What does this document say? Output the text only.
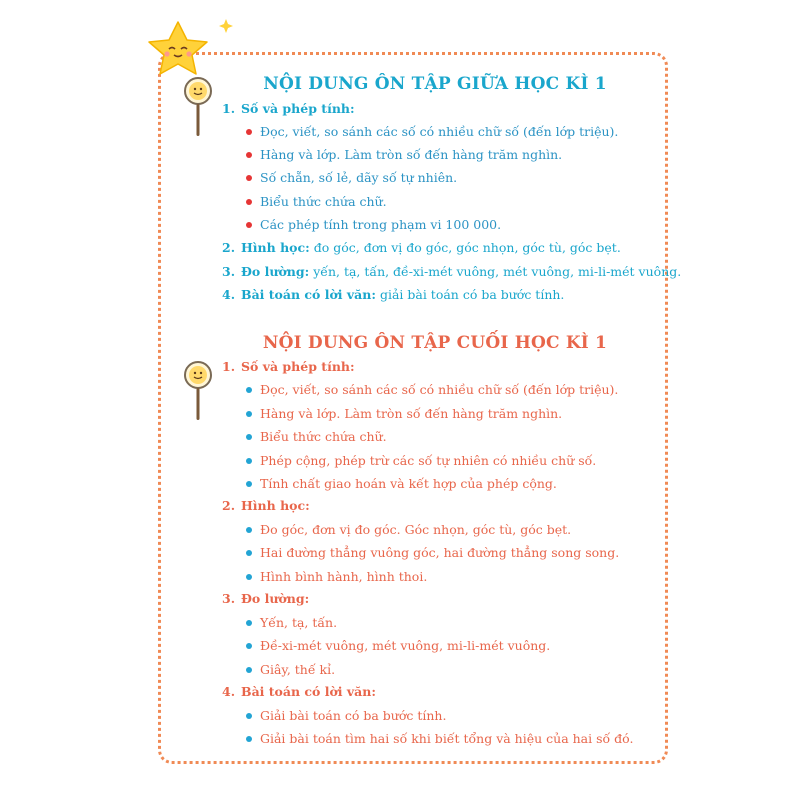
NỘI DUNG ÔN TẬP GIỮA HỌC KÌ 1
1. Số và phép tính:
Đọc, viết, so sánh các số có nhiều chữ số (đến lớp triệu).
Hàng và lớp. Làm tròn số đến hàng trăm nghìn.
Số chẵn, số lẻ, dãy số tự nhiên.
Biểu thức chứa chữ.
Các phép tính trong phạm vi 100 000.
2. Hình học: đo góc, đơn vị đo góc, góc nhọn, góc tù, góc bẹt.
3. Đo lường: yến, tạ, tấn, đề-xi-mét vuông, mét vuông, mi-li-mét vuông.
4. Bài toán có lời văn: giải bài toán có ba bước tính.
NỘI DUNG ÔN TẬP CUỐI HỌC KÌ 1
1. Số và phép tính:
Đọc, viết, so sánh các số có nhiều chữ số (đến lớp triệu).
Hàng và lớp. Làm tròn số đến hàng trăm nghìn.
Biểu thức chứa chữ.
Phép cộng, phép trừ các số tự nhiên có nhiều chữ số.
Tính chất giao hoán và kết hợp của phép cộng.
2. Hình học:
Đo góc, đơn vị đo góc. Góc nhọn, góc tù, góc bẹt.
Hai đường thẳng vuông góc, hai đường thẳng song song.
Hình bình hành, hình thoi.
3. Đo lường:
Yến, tạ, tấn.
Đề-xi-mét vuông, mét vuông, mi-li-mét vuông.
Giây, thế kỉ.
4. Bài toán có lời văn:
Giải bài toán có ba bước tính.
Giải bài toán tìm hai số khi biết tổng và hiệu của hai số đó.
